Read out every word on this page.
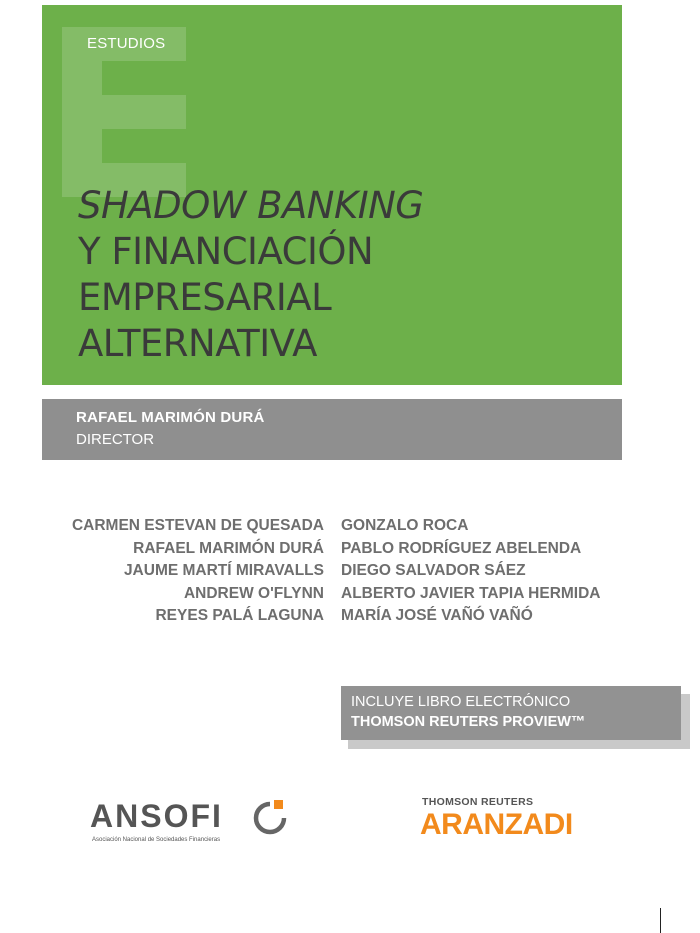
ESTUDIOS
SHADOW BANKING
Y FINANCIACIÓN
EMPRESARIAL
ALTERNATIVA
RAFAEL MARIMÓN DURÁ
DIRECTOR
CARMEN ESTEVAN DE QUESADA
RAFAEL MARIMÓN DURÁ
JAUME MARTÍ MIRAVALLS
ANDREW O'FLYNN
REYES PALÁ LAGUNA
GONZALO ROCA
PABLO RODRÍGUEZ ABELENDA
DIEGO SALVADOR SÁEZ
ALBERTO JAVIER TAPIA HERMIDA
MARÍA JOSÉ VAÑÓ VAÑÓ
INCLUYE LIBRO ELECTRÓNICO
THOMSON REUTERS PROVIEW™
ANSOFI
Asociación Nacional de Sociedades Financieras
THOMSON REUTERS
ARANZADI
